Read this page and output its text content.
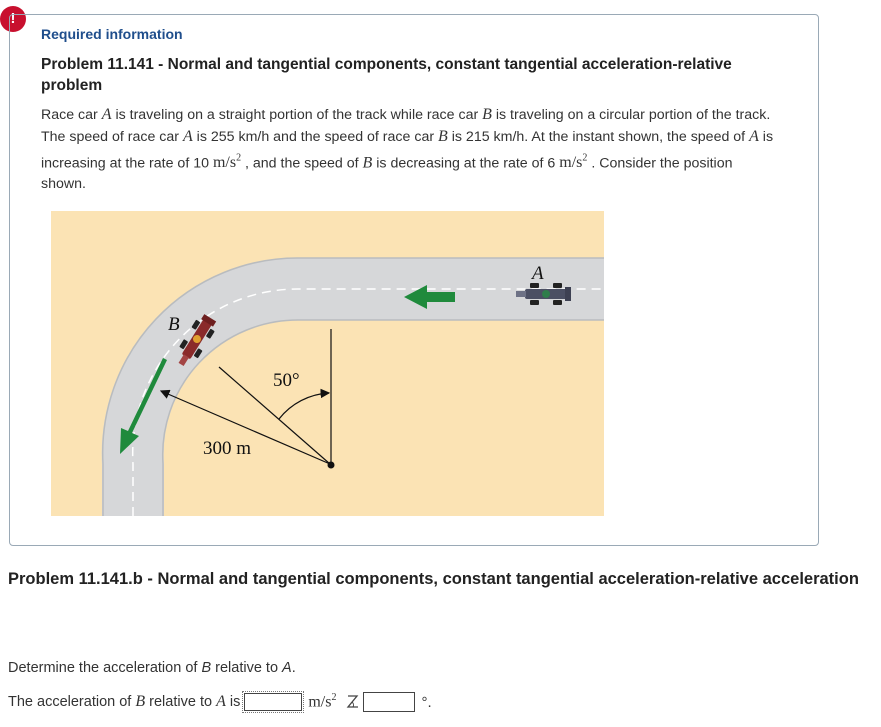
!
Required information
Problem 11.141 - Normal and tangential components, constant tangential acceleration-relative problem
Race car A is traveling on a straight portion of the track while race car B is traveling on a circular portion of the track. The speed of race car A is 255 km/h and the speed of race car B is 215 km/h. At the instant shown, the speed of A is increasing at the rate of 10 $m/s^2$ , and the speed of B is decreasing at the rate of 6 $m/s^2$ . Consider the position shown.
50°
300 m
A
B
Problem 11.141.b - Normal and tangential components, constant tangential acceleration-relative acceleration
Determine the acceleration of B relative to A.
The acceleration of B relative to A is	$m/s^2$	°.
